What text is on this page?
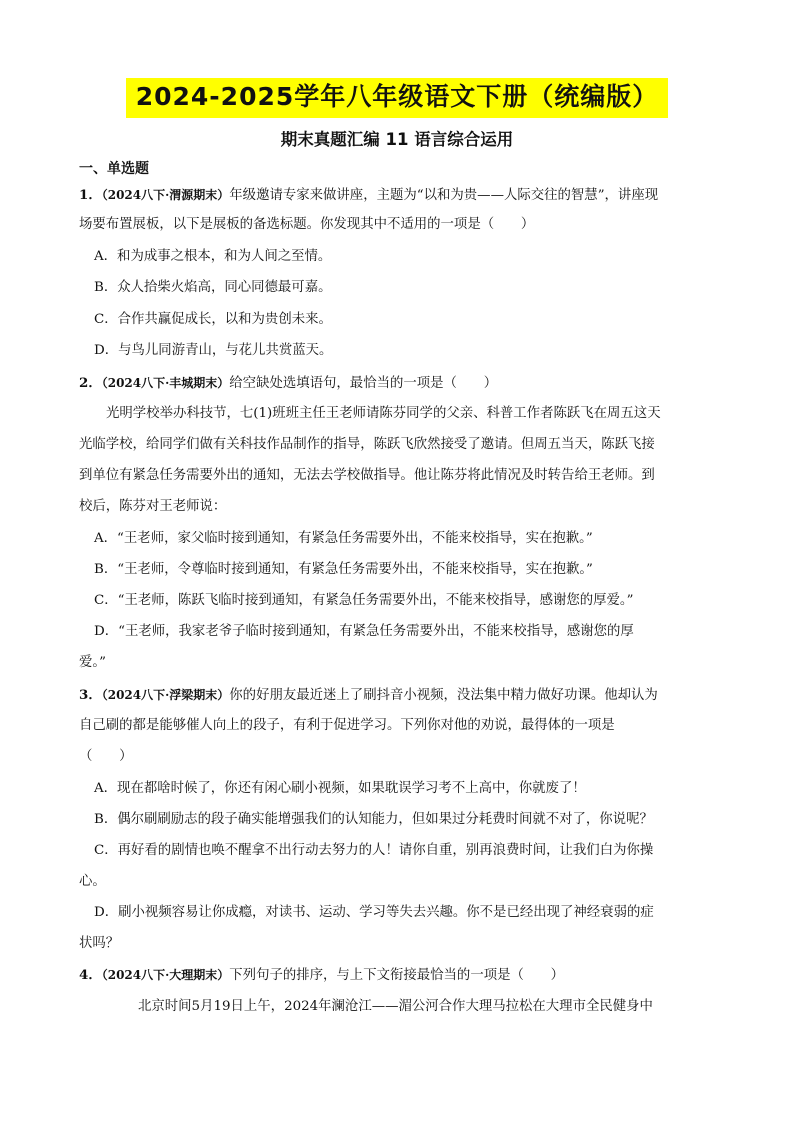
2024-2025学年八年级语文下册（统编版）
期末真题汇编 11 语言综合运用
一、单选题
1．（2024八下·渭源期末）年级邀请专家来做讲座，主题为“以和为贵——人际交往的智慧”，讲座现
场要布置展板，以下是展板的备选标题。你发现其中不适用的一项是（　　）
A．和为成事之根本，和为人间之至情。
B．众人拾柴火焰高，同心同德最可嘉。
C．合作共赢促成长，以和为贵创未来。
D．与鸟儿同游青山，与花儿共赏蓝天。
2．（2024八下·丰城期末）给空缺处选填语句，最恰当的一项是（　　）
光明学校举办科技节，七(1)班班主任王老师请陈芬同学的父亲、科普工作者陈跃飞在周五这天
光临学校，给同学们做有关科技作品制作的指导，陈跃飞欣然接受了邀请。但周五当天，陈跃飞接
到单位有紧急任务需要外出的通知，无法去学校做指导。他让陈芬将此情况及时转告给王老师。到
校后，陈芬对王老师说：
A．“王老师，家父临时接到通知，有紧急任务需要外出，不能来校指导，实在抱歉。”
B．“王老师，令尊临时接到通知，有紧急任务需要外出，不能来校指导，实在抱歉。”
C．“王老师，陈跃飞临时接到通知，有紧急任务需要外出，不能来校指导，感谢您的厚爱。”
D．“王老师，我家老爷子临时接到通知，有紧急任务需要外出，不能来校指导，感谢您的厚
爱。”
3．（2024八下·浮梁期末）你的好朋友最近迷上了刷抖音小视频，没法集中精力做好功课。他却认为
自己刷的都是能够催人向上的段子，有利于促进学习。下列你对他的劝说，最得体的一项是
（　　）
A．现在都啥时候了，你还有闲心刷小视频，如果耽误学习考不上高中，你就废了！
B．偶尔刷刷励志的段子确实能增强我们的认知能力，但如果过分耗费时间就不对了，你说呢？
C．再好看的剧情也唤不醒拿不出行动去努力的人！请你自重，别再浪费时间，让我们白为你操
心。
D．刷小视频容易让你成瘾，对读书、运动、学习等失去兴趣。你不是已经出现了神经衰弱的症
状吗？
4．（2024八下·大理期末）下列句子的排序，与上下文衔接最恰当的一项是（　　）
北京时间5月19日上午，2024年澜沧江——湄公河合作大理马拉松在大理市全民健身中
